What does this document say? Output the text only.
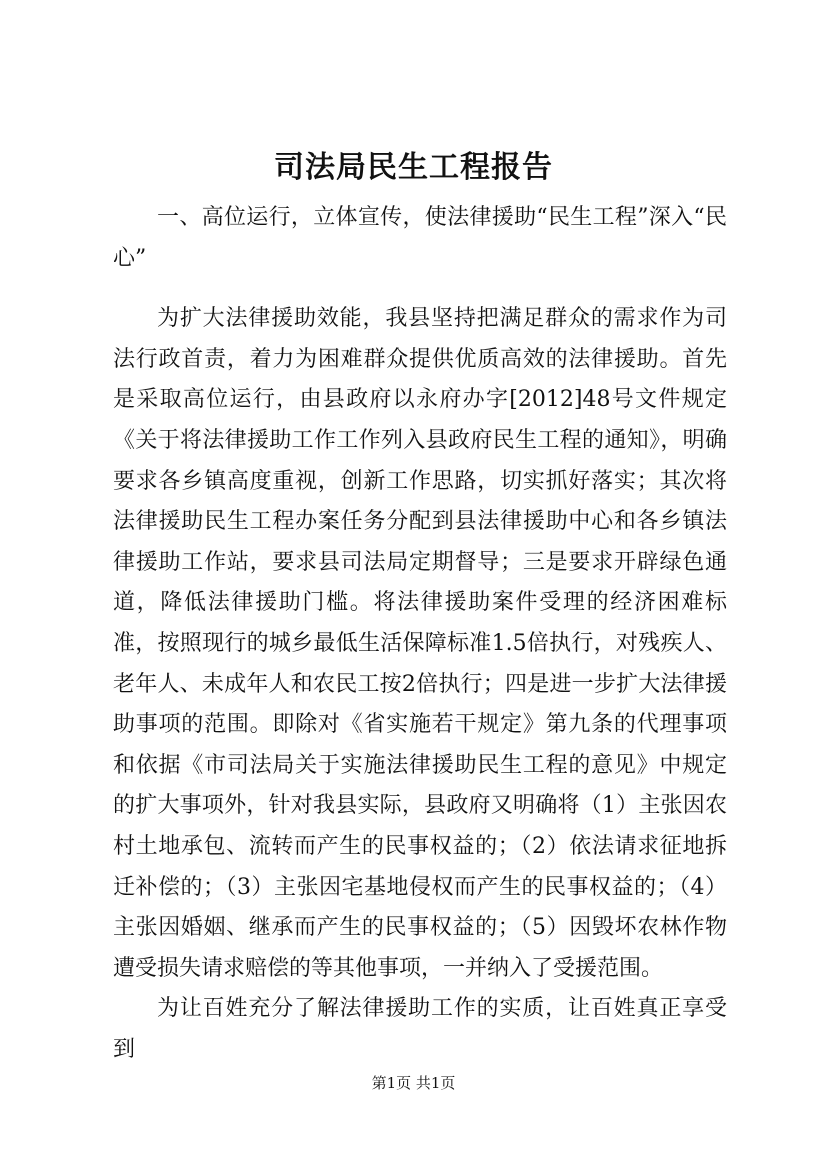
司法局民生工程报告

一、高位运行，立体宣传，使法律援助“民生工程”深入“民心”

为扩大法律援助效能，我县坚持把满足群众的需求作为司法行政首责，着力为困难群众提供优质高效的法律援助。首先是采取高位运行，由县政府以永府办字[2012]48号文件规定《关于将法律援助工作工作列入县政府民生工程的通知》，明确要求各乡镇高度重视，创新工作思路，切实抓好落实；其次将法律援助民生工程办案任务分配到县法律援助中心和各乡镇法律援助工作站，要求县司法局定期督导；三是要求开辟绿色通道，降低法律援助门槛。将法律援助案件受理的经济困难标准，按照现行的城乡最低生活保障标准1.5倍执行，对残疾人、老年人、未成年人和农民工按2倍执行；四是进一步扩大法律援助事项的范围。即除对《省实施若干规定》第九条的代理事项和依据《市司法局关于实施法律援助民生工程的意见》中规定的扩大事项外，针对我县实际，县政府又明确将（1）主张因农村土地承包、流转而产生的民事权益的；（2）依法请求征地拆迁补偿的；（3）主张因宅基地侵权而产生的民事权益的；（4）主张因婚姻、继承而产生的民事权益的；（5）因毁坏农林作物遭受损失请求赔偿的等其他事项，一并纳入了受援范围。

为让百姓充分了解法律援助工作的实质，让百姓真正享受到

第1页 共1页
